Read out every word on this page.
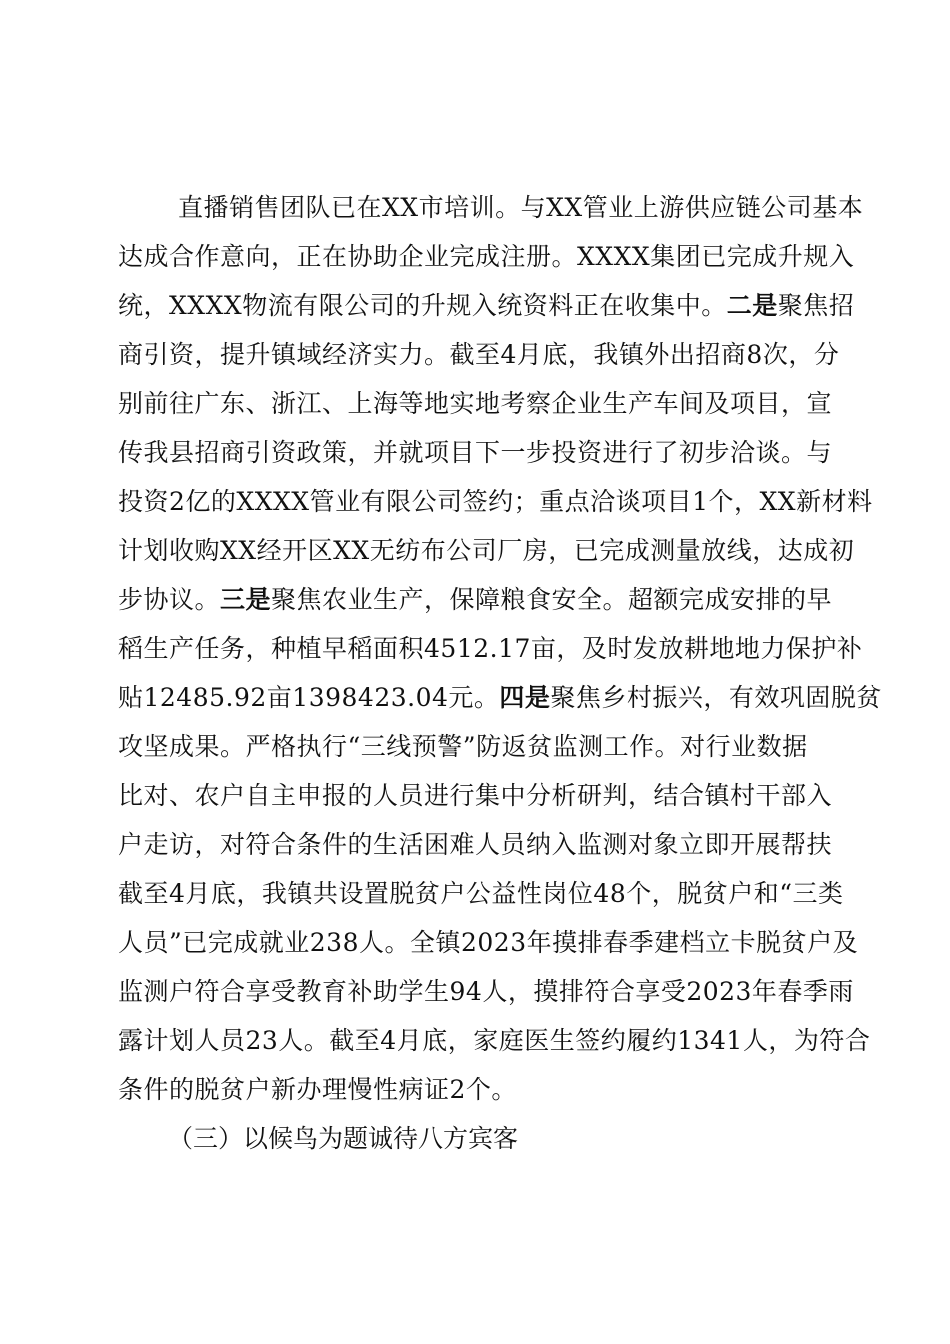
直播销售团队已在XX市培训。与XX管业上游供应链公司基本
达成合作意向，正在协助企业完成注册。XXXX集团已完成升规入
统，XXXX物流有限公司的升规入统资料正在收集中。二是聚焦招
商引资，提升镇域经济实力。截至4月底，我镇外出招商8次，分
别前往广东、浙江、上海等地实地考察企业生产车间及项目，宣
传我县招商引资政策，并就项目下一步投资进行了初步洽谈。与
投资2亿的XXXX管业有限公司签约；重点洽谈项目1个，XX新材料
计划收购XX经开区XX无纺布公司厂房，已完成测量放线，达成初
步协议。三是聚焦农业生产，保障粮食安全。超额完成安排的早
稻生产任务，种植早稻面积4512.17亩，及时发放耕地地力保护补
贴12485.92亩1398423.04元。四是聚焦乡村振兴，有效巩固脱贫
攻坚成果。严格执行“三线预警”防返贫监测工作。对行业数据
比对、农户自主申报的人员进行集中分析研判，结合镇村干部入
户走访，对符合条件的生活困难人员纳入监测对象立即开展帮扶
截至4月底，我镇共设置脱贫户公益性岗位48个，脱贫户和“三类
人员”已完成就业238人。全镇2023年摸排春季建档立卡脱贫户及
监测户符合享受教育补助学生94人，摸排符合享受2023年春季雨
露计划人员23人。截至4月底，家庭医生签约履约1341人，为符合
条件的脱贫户新办理慢性病证2个。
（三）以候鸟为题诚待八方宾客
